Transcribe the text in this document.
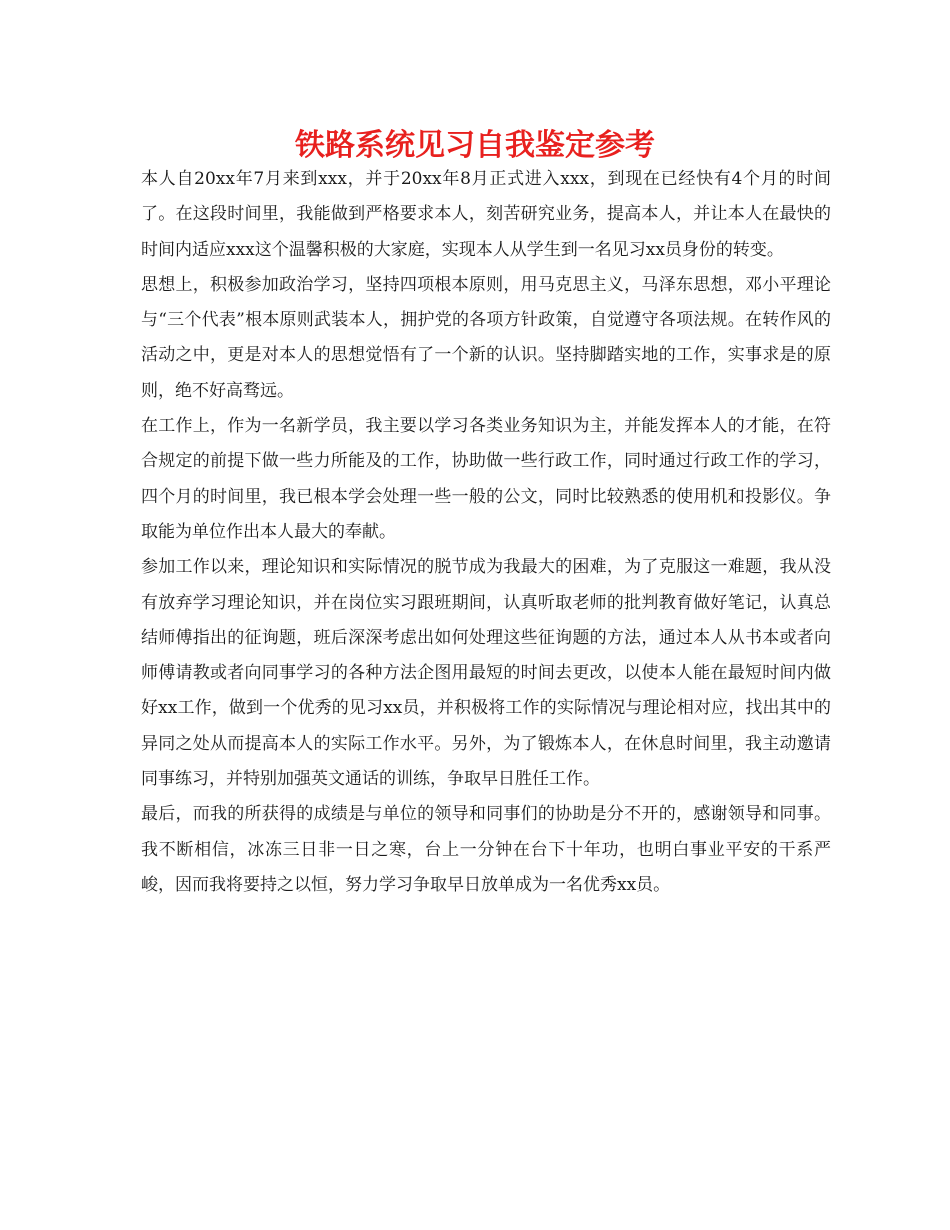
铁路系统见习自我鉴定参考

本人自20xx年7月来到xxx，并于20xx年8月正式进入xxx，到现在已经快有4个月的时间了。在这段时间里，我能做到严格要求本人，刻苦研究业务，提高本人，并让本人在最快的时间内适应xxx这个温馨积极的大家庭，实现本人从学生到一名见习xx员身份的转变。

思想上，积极参加政治学习，坚持四项根本原则，用马克思主义，马泽东思想，邓小平理论与“三个代表”根本原则武装本人，拥护党的各项方针政策，自觉遵守各项法规。在转作风的活动之中，更是对本人的思想觉悟有了一个新的认识。坚持脚踏实地的工作，实事求是的原则，绝不好高骛远。

在工作上，作为一名新学员，我主要以学习各类业务知识为主，并能发挥本人的才能，在符合规定的前提下做一些力所能及的工作，协助做一些行政工作，同时通过行政工作的学习，四个月的时间里，我已根本学会处理一些一般的公文，同时比较熟悉的使用机和投影仪。争取能为单位作出本人最大的奉献。

参加工作以来，理论知识和实际情况的脱节成为我最大的困难，为了克服这一难题，我从没有放弃学习理论知识，并在岗位实习跟班期间，认真听取老师的批判教育做好笔记，认真总结师傅指出的征询题，班后深深考虑出如何处理这些征询题的方法，通过本人从书本或者向师傅请教或者向同事学习的各种方法企图用最短的时间去更改，以使本人能在最短时间内做好xx工作，做到一个优秀的见习xx员，并积极将工作的实际情况与理论相对应，找出其中的异同之处从而提高本人的实际工作水平。另外，为了锻炼本人，在休息时间里，我主动邀请同事练习，并特别加强英文通话的训练，争取早日胜任工作。

最后，而我的所获得的成绩是与单位的领导和同事们的协助是分不开的，感谢领导和同事。我不断相信，冰冻三日非一日之寒，台上一分钟在台下十年功，也明白事业平安的干系严峻，因而我将要持之以恒，努力学习争取早日放单成为一名优秀xx员。
